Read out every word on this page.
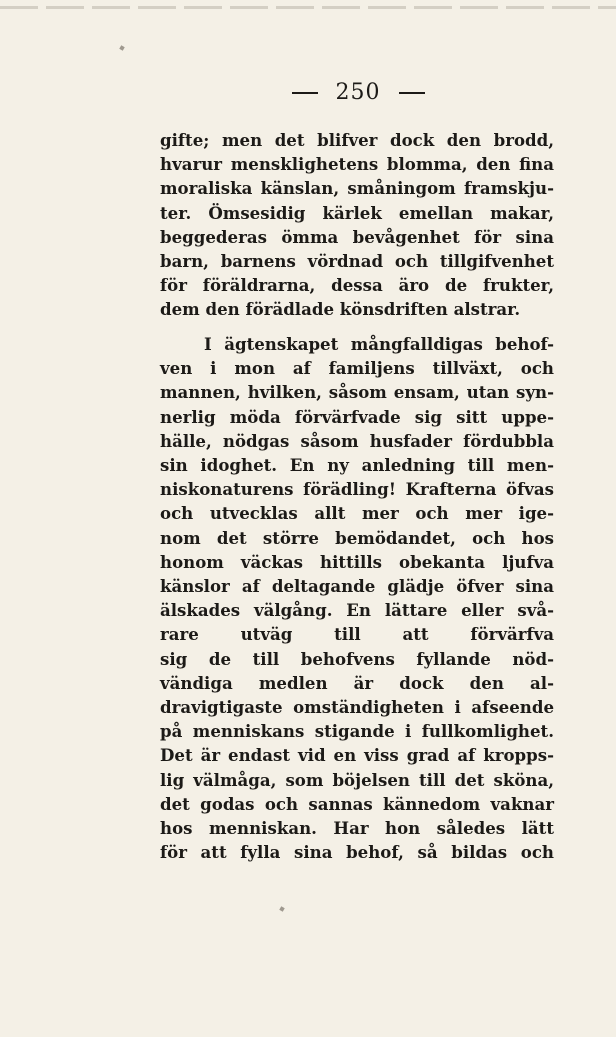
250
gifte; men det blifver dock den brodd,
hvarur mensklighetens blomma, den fina
moraliska känslan, småningom framskju-
ter. Ömsesidig kärlek emellan makar,
beggederas ömma bevågenhet för sina
barn, barnens vördnad och tillgifvenhet
för föräldrarna, dessa äro de frukter,
dem den förädlade könsdriften alstrar.
I ägtenskapet mångfalldigas behof-
ven i mon af familjens tillväxt, och
mannen, hvilken, såsom ensam, utan syn-
nerlig möda förvärfvade sig sitt uppe-
hälle, nödgas såsom husfader fördubbla
sin idoghet. En ny anledning till men-
niskonaturens förädling! Krafterna öfvas
och utvecklas allt mer och mer ige-
nom det större bemödandet, och hos
honom väckas hittills obekanta ljufva
känslor af deltagande glädje öfver sina
älskades välgång. En lättare eller svå-
rare utväg till att förvärfva
sig de till behofvens fyllande nöd-
vändiga medlen är dock den al-
dravigtigaste omständigheten i afseende
på menniskans stigande i fullkomlighet.
Det är endast vid en viss grad af kropps-
lig välmåga, som böjelsen till det sköna,
det godas och sannas kännedom vaknar
hos menniskan. Har hon således lätt
för att fylla sina behof, så bildas och
